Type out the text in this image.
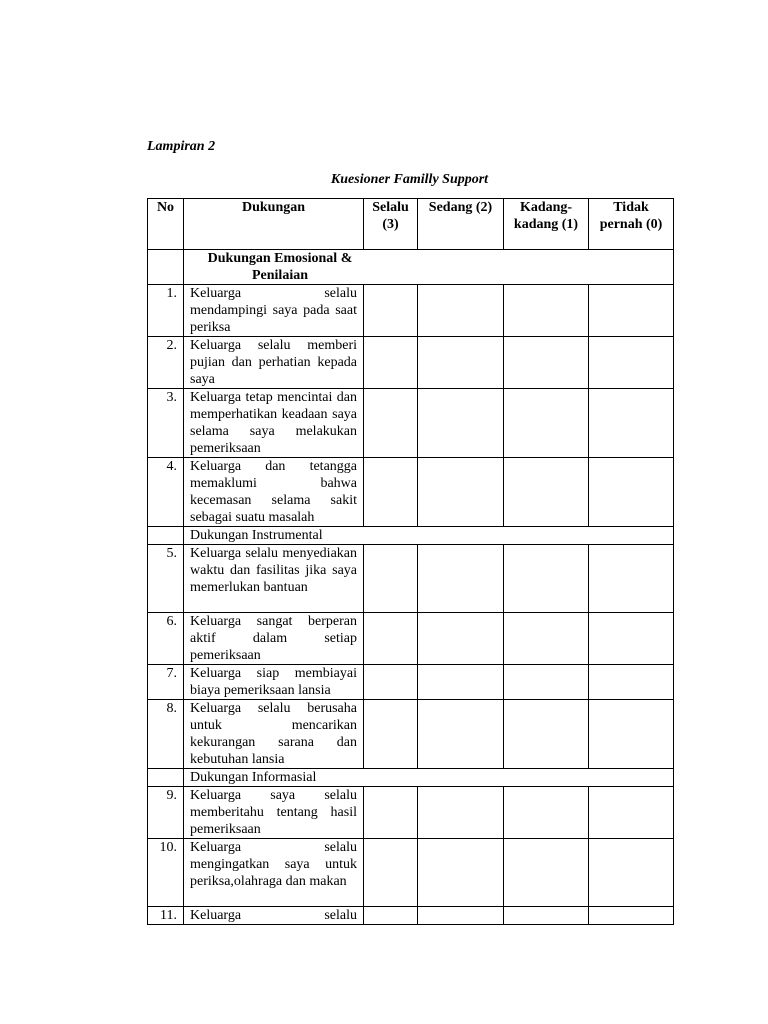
Lampiran 2
Kuesioner Familly Support
No	Dukungan	Selalu (3)	Sedang (2)	Kadang-kadang (1)	Tidak pernah (0)

	Dukungan Emosional & Penilaian				

1.	Keluarga selalu mendampingi saya pada saat periksa				
2.	Keluarga selalu memberi pujian dan perhatian kepada saya				
3.	Keluarga tetap mencintai dan memperhatikan keadaan saya selama saya melakukan pemeriksaan				
4.	Keluarga dan tetangga memaklumi bahwa kecemasan selama sakit sebagai suatu masalah				
	Dukungan Instrumental				
5.	Keluarga selalu menyediakan waktu dan fasilitas jika saya memerlukan bantuan				
6.	Keluarga sangat berperan aktif dalam setiap pemeriksaan				
7.	Keluarga siap membiayai biaya pemeriksaan lansia				
8.	Keluarga selalu berusaha untuk mencarikan kekurangan sarana dan kebutuhan lansia				
	Dukungan Informasial				
9.	Keluarga saya selalu memberitahu tentang hasil pemeriksaan				
10.	Keluarga selalu mengingatkan saya untuk periksa,olahraga dan makan				
11.	Keluarga selalu				
